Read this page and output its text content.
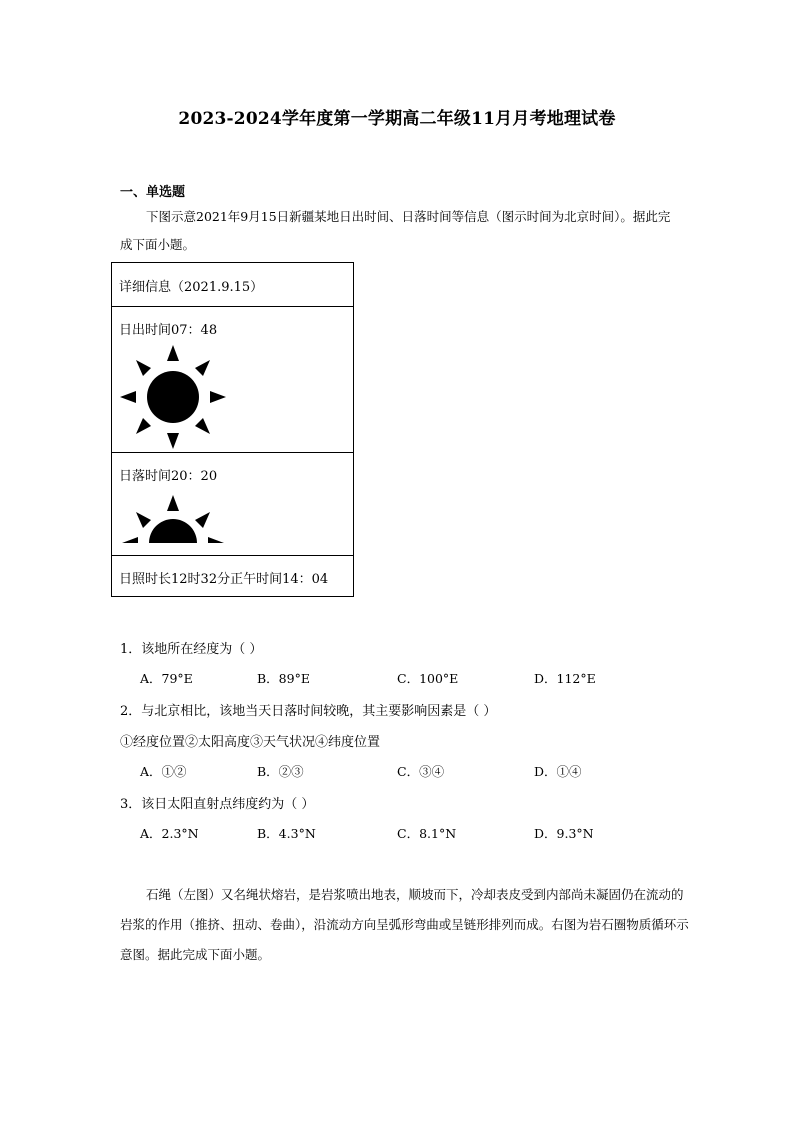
2023-2024学年度第一学期高二年级11月月考地理试卷
一、单选题
下图示意2021年9月15日新疆某地日出时间、日落时间等信息（图示时间为北京时间）。据此完成下面小题。
详细信息（2021.9.15）
日出时间07：48
日落时间20：20
日照时长12时32分正午时间14：04
1．该地所在经度为（ ）
A．79°E	B．89°E	C．100°E	D．112°E
2．与北京相比，该地当天日落时间较晚，其主要影响因素是（ ）
①经度位置②太阳高度③天气状况④纬度位置
A．①②	B．②③	C．③④	D．①④
3．该日太阳直射点纬度约为（ ）
A．2.3°N	B．4.3°N	C．8.1°N	D．9.3°N
石绳（左图）又名绳状熔岩，是岩浆喷出地表，顺坡而下，冷却表皮受到内部尚未凝固仍在流动的岩浆的作用（推挤、扭动、卷曲），沿流动方向呈弧形弯曲或呈链形排列而成。右图为岩石圈物质循环示意图。据此完成下面小题。
